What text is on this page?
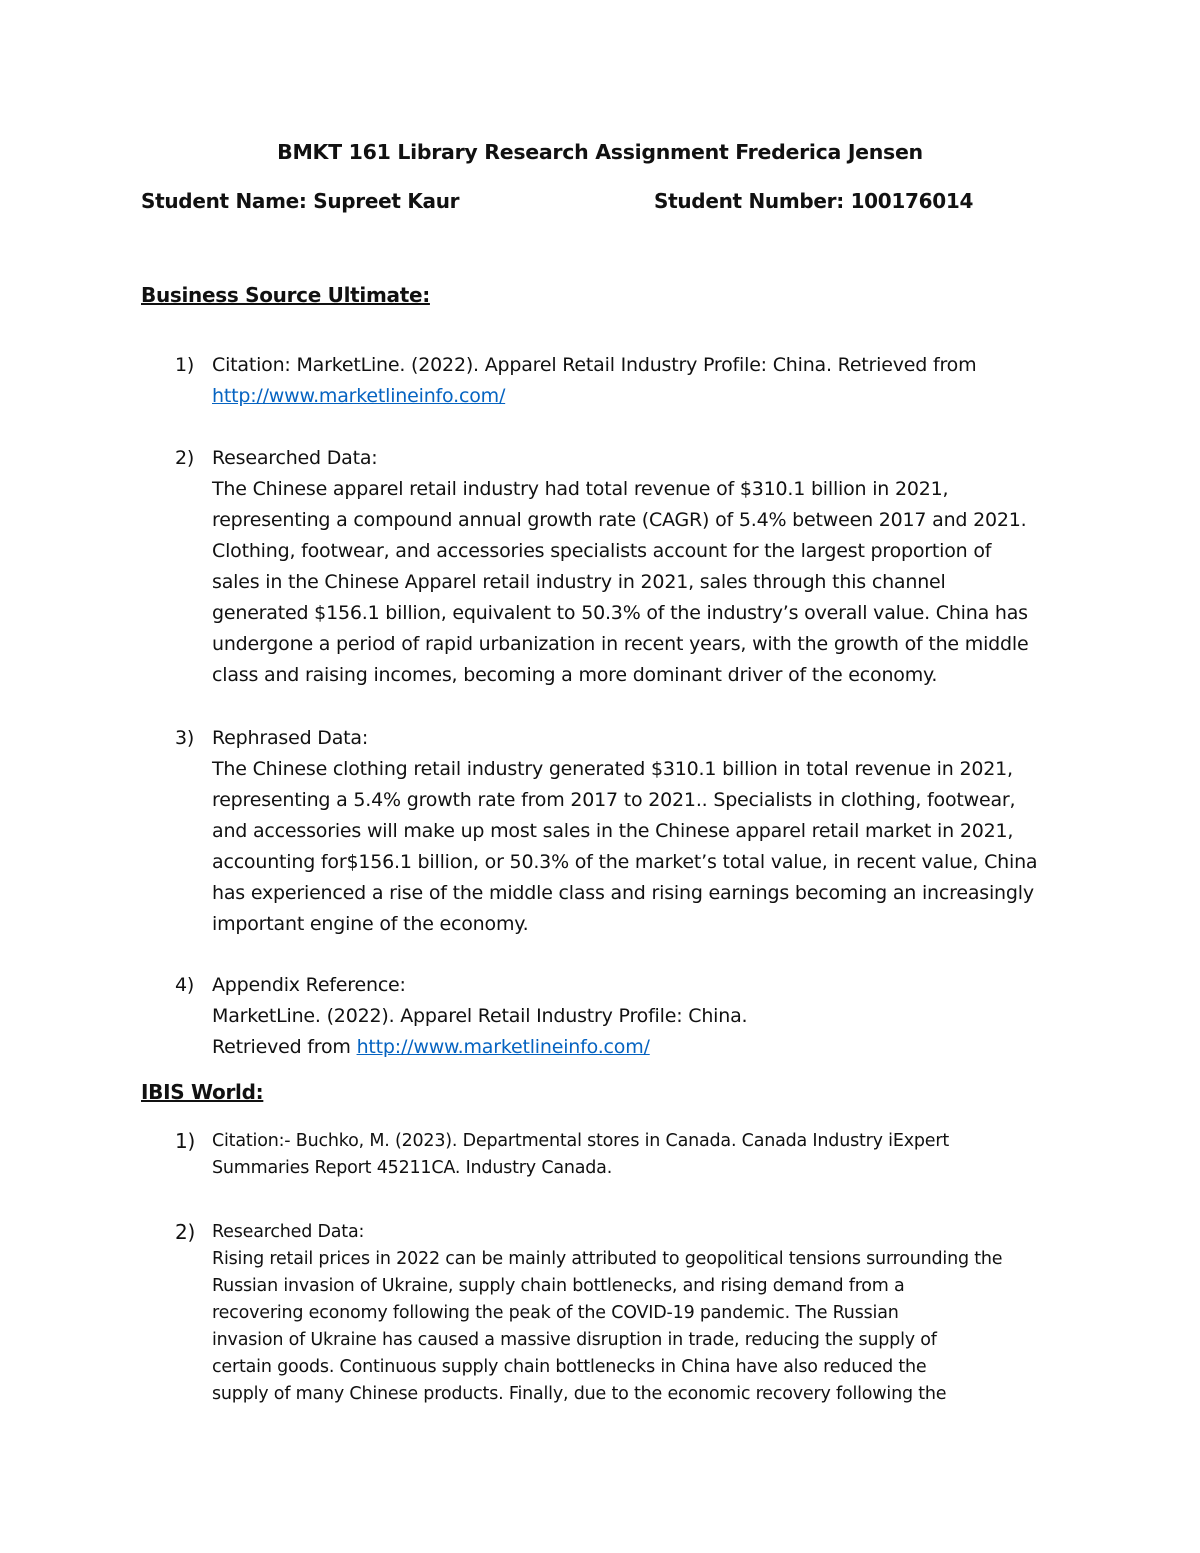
BMKT 161 Library Research Assignment Frederica Jensen
Student Name: Supreet Kaur	Student Number: 100176014
Business Source Ultimate:
1) Citation: MarketLine. (2022). Apparel Retail Industry Profile: China. Retrieved from
http://www.marketlineinfo.com/
2) Researched Data:
The Chinese apparel retail industry had total revenue of $310.1 billion in 2021,
representing a compound annual growth rate (CAGR) of 5.4% between 2017 and 2021.
Clothing, footwear, and accessories specialists account for the largest proportion of
sales in the Chinese Apparel retail industry in 2021, sales through this channel
generated $156.1 billion, equivalent to 50.3% of the industry’s overall value. China has
undergone a period of rapid urbanization in recent years, with the growth of the middle
class and raising incomes, becoming a more dominant driver of the economy.
3) Rephrased Data:
The Chinese clothing retail industry generated $310.1 billion in total revenue in 2021,
representing a 5.4% growth rate from 2017 to 2021.. Specialists in clothing, footwear,
and accessories will make up most sales in the Chinese apparel retail market in 2021,
accounting for$156.1 billion, or 50.3% of the market’s total value, in recent value, China
has experienced a rise of the middle class and rising earnings becoming an increasingly
important engine of the economy.
4) Appendix Reference:
MarketLine. (2022). Apparel Retail Industry Profile: China.
Retrieved from http://www.marketlineinfo.com/
IBIS World:
1) Citation:- Buchko, M. (2023). Departmental stores in Canada. Canada Industry iExpert
Summaries Report 45211CA. Industry Canada.
2) Researched Data:
Rising retail prices in 2022 can be mainly attributed to geopolitical tensions surrounding the
Russian invasion of Ukraine, supply chain bottlenecks, and rising demand from a
recovering economy following the peak of the COVID-19 pandemic. The Russian
invasion of Ukraine has caused a massive disruption in trade, reducing the supply of
certain goods. Continuous supply chain bottlenecks in China have also reduced the
supply of many Chinese products. Finally, due to the economic recovery following the
